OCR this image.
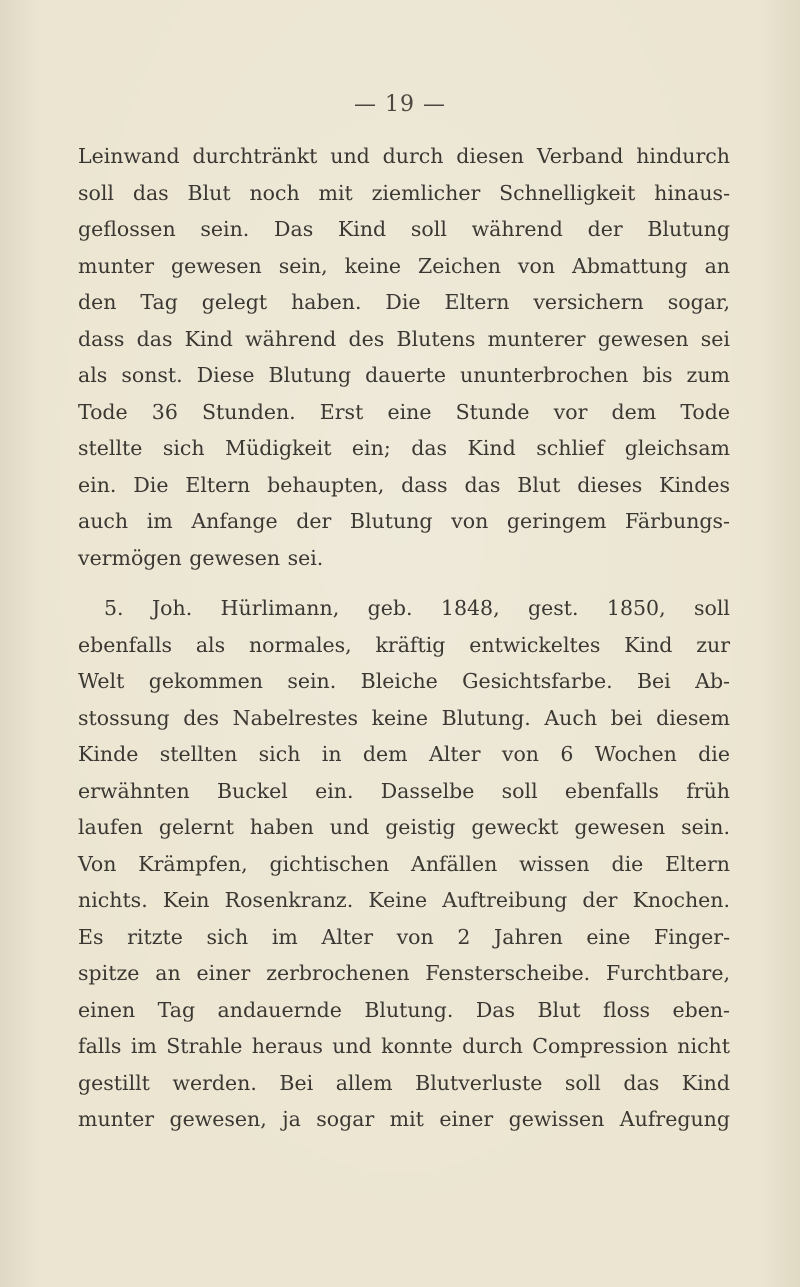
— 19 —
Leinwand durchtränkt und durch diesen Verband hindurch
soll das Blut noch mit ziemlicher Schnelligkeit hinaus-
geflossen sein. Das Kind soll während der Blutung
munter gewesen sein, keine Zeichen von Abmattung an
den Tag gelegt haben. Die Eltern versichern sogar,
dass das Kind während des Blutens munterer gewesen sei
als sonst. Diese Blutung dauerte ununterbrochen bis zum
Tode 36 Stunden. Erst eine Stunde vor dem Tode
stellte sich Müdigkeit ein; das Kind schlief gleichsam
ein. Die Eltern behaupten, dass das Blut dieses Kindes
auch im Anfange der Blutung von geringem Färbungs-
vermögen gewesen sei.
5. Joh. Hürlimann, geb. 1848, gest. 1850, soll
ebenfalls als normales, kräftig entwickeltes Kind zur
Welt gekommen sein. Bleiche Gesichtsfarbe. Bei Ab-
stossung des Nabelrestes keine Blutung. Auch bei diesem
Kinde stellten sich in dem Alter von 6 Wochen die
erwähnten Buckel ein. Dasselbe soll ebenfalls früh
laufen gelernt haben und geistig geweckt gewesen sein.
Von Krämpfen, gichtischen Anfällen wissen die Eltern
nichts. Kein Rosenkranz. Keine Auftreibung der Knochen.
Es ritzte sich im Alter von 2 Jahren eine Finger-
spitze an einer zerbrochenen Fensterscheibe. Furchtbare,
einen Tag andauernde Blutung. Das Blut floss eben-
falls im Strahle heraus und konnte durch Compression nicht
gestillt werden. Bei allem Blutverluste soll das Kind
munter gewesen, ja sogar mit einer gewissen Aufregung
